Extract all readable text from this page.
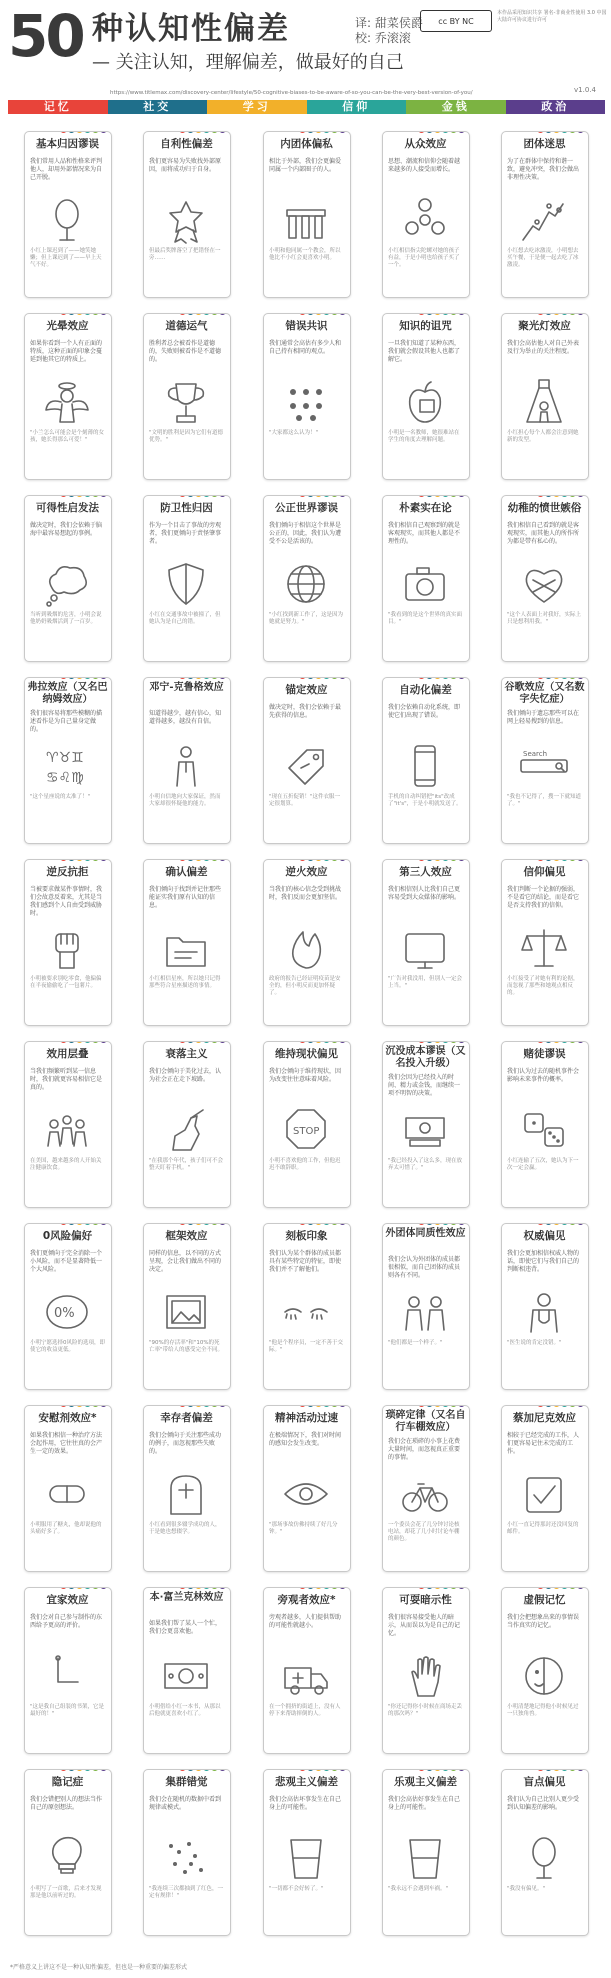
50 种认知性偏差
— 关注认知，理解偏差，做最好的自己
译: 甜菜侯爵
校: 乔滚滚
cc BY NC
本作品采用知识共享 署名-非商业性使用 3.0 中国大陆许可协议进行许可
https://www.titlemax.com/discovery-center/lifestyle/50-cognitive-biases-to-be-aware-of-so-you-can-be-the-very-best-version-of-you/	v1.0.4
记忆	社交	学习	信仰	金钱	政治
基本归因谬误
我们常用人品和性格来评判他人，却用外部情况来为自己开脱。
小红上课迟到了——她笑她懒；但上课迟到了——早上天气不好。
自利性偏差
我们更容易为失败找外部原因，而将成功归于自身。
但最后奖牌落空了把错怪在一旁……
内团体偏私
相比于外部，我们会更偏爱同属一个内部圈子的人。
小明和他同属一个教会，所以他比不小红会更喜欢小明。
从众效应
思想、潮流和信仰会随着越来越多的人接受而增长。
小红相信指尖陀螺对她的孩子有益，于是小明也给孩子买了一个。
团体迷思
为了在群体中保持和谐一致，避免冲突，我们会做出非理性决策。
小红想去吃冰激凌，小明想去买午餐，于是便一起去吃了冰激凌。
光晕效应
如果你看到一个人有正面的特质，这种正面的印象会蔓延到他其它的特质上。
"小兰怎么可能会是个刻薄的女孩，她长得那么可爱！"
道德运气
胜利者总会被看作是道德的，失败则被看作是不道德的。
"文明的胜利是因为它们有道德优势。"
错误共识
我们通常会高估有多少人和自己持有相同的观点。
"大家都这么认为！"
知识的诅咒
一旦我们知道了某种东西，我们就会假设其他人也都了解它。
小明是一名教师，她很难站在学生的角度去理解问题。
聚光灯效应
我们会高估他人对自己外表及行为举止的关注程度。
小红担心每个人都会注意到她新的发型。
可得性启发法
做决定时，我们会依赖于脑海中最容易想起的事例。
当听到吸烟的危害，小明会说他奶奶吸烟活到了一百岁。
防卫性归因
作为一个目击了事故的旁观者，我们更倾向于责怪肇事者。
小红在交通事故中被撞了，但她认为是自己的错。
公正世界谬误
我们倾向于相信这个世界是公正的，因此，我们认为遭受不公是活该的。
"小红找到新工作了，这是因为她就是努力。"
朴素实在论
我们相信自己观察到的就是客观现实，而其他人都是不理性的。
"我看到的是这个世界的真实面目。"
幼稚的愤世嫉俗
我们相信自己看到的就是客观现实，而其他人的所作所为都是带有私心的。
"这个人表面上对我好，实际上只是想利用我。"
弗拉效应（又名巴纳姆效应）
我们很容易将那些模糊的描述看作是为自己量身定做的。
♈♉♊
♋♌♍
"这个星座说的太准了！"
邓宁-克鲁格效应
知道得越少，越有信心，知道得越多，越没有自信。
小明自信地向大家保证，然而大家却很怀疑他的能力。
锚定效应
做决定时，我们会依赖于最先获得的信息。
"现在五折促销！"这件衣服一定很划算。
自动化偏差
我们会依赖自动化系统，即使它们出现了错误。
手机的自动纠错把"its"改成了"it's"，于是小明就发送了。
谷歌效应（又名数字失忆症）
我们倾向于遗忘那些可以在网上轻易搜到的信息。
Search
"我也不记得了，搜一下就知道了。"
逆反抗拒
当被要求做某件事情时，我们会故意反着来，尤其是当我们感到个人自由受到威胁时。
小明被要求别吃零食，他偏偏在半夜偷偷吃了一包薯片。
确认偏差
我们倾向于找到并记住那些能证实我们原有认知的信息。
小红相信星座，所以她只记得那些符合星座描述的事情。
逆火效应
当我们的核心信念受到挑战时，我们反而会更加坚信。
政府的报告已经证明疫苗是安全的，但小明反而更加怀疑了。
第三人效应
我们相信别人比我们自己更容易受到大众媒体的影响。
"广告对我没用，但别人一定会上当。"
信仰偏见
我们判断一个论据的强弱，不是看它的结论，而是看它是否支持我们的信仰。
小红接受了对她有利的论据，而忽视了那些和她观点相反的。
效用层叠
当我们频繁听到某一信息时，我们就更容易相信它是真的。
在美国，越来越多的人开始关注健康饮食。
衰落主义
我们会倾向于美化过去，认为社会正在走下坡路。
"在我那个年代，孩子们可不会整天盯着手机。"
维持现状偏见
我们会倾向于维持现状，因为改变往往意味着风险。
STOP
小明不喜欢他的工作，但他迟迟不敢辞职。
沉没成本谬误（又名投入升级）
我们会因为已经投入的时间、精力或金钱，而继续一项不明智的决策。
"我已经投入了这么多，现在放弃太可惜了。"
赌徒谬误
我们认为过去的随机事件会影响未来事件的概率。
小红连输了五次，她认为下一次一定会赢。
0风险偏好
我们更倾向于完全消除一个小风险，而不是显著降低一个大风险。
0%
小明宁愿选择0风险的选项，即使它的收益更低。
框架效应
同样的信息，以不同的方式呈现，会让我们做出不同的决定。
"90%的存活率"和"10%的死亡率"带给人的感受完全不同。
刻板印象
我们认为某个群体的成员都具有某些特定的特征，即使我们并不了解他们。
"他是个程序员，一定不善于交际。"
外团体同质性效应
我们会认为外团体的成员都很相似，而自己团体的成员则各有不同。
"他们都是一个样子。"
权威偏见
我们会更加相信权威人物的话，即使它们与我们自己的判断相违背。
"医生说的肯定没错。"
安慰剂效应*
如果我们相信一种治疗方法会起作用，它往往真的会产生一定的效果。
小明服用了糖丸，他却说他的头痛好多了。
幸存者偏差
我们会倾向于关注那些成功的例子，而忽视那些失败的。
小红看到很多辍学成功的人，于是她也想辍学。
精神活动过速
在极端情况下，我们对时间的感知会发生改变。
"那场事故仿佛持续了好几分钟。"
琐碎定律（又名自行车棚效应）
我们会在琐碎的小事上花费大量时间，而忽视真正重要的事情。
一个委员会花了几分钟讨论核电站，却花了几小时讨论车棚的颜色。
蔡加尼克效应
相较于已经完成的工作，人们更容易记住未完成的工作。
小红一直记得那封还没回复的邮件。
宜家效应
我们会对自己参与制作的东西给予更高的评价。
"这是我自己组装的书架，它是最好的！"
本·富兰克林效应
如果我们帮了某人一个忙，我们会更喜欢他。
小明借给小红一本书，从那以后他就更喜欢小红了。
旁观者效应*
旁观者越多，人们提供帮助的可能性就越小。
在一个拥挤的街道上，没有人停下来帮助摔倒的人。
可耍暗示性
我们很容易接受他人的暗示，从而误以为是自己的记忆。
"你还记得你小时候在商场走丢的那次吗？"
虚假记忆
我们会把想象出来的事情误当作真实的记忆。
小明清楚地记得他小时候见过一只独角兽。
隐记症
我们会错把别人的想法当作自己的原创想法。
小明写了一首歌，后来才发现那是他以前听过的。
集群错觉
我们会在随机的数据中看到规律或模式。
"我连续三次都抽到了红色，一定有规律！"
悲观主义偏差
我们会高估坏事发生在自己身上的可能性。
"一切都不会好转了。"
乐观主义偏差
我们会高估好事发生在自己身上的可能性。
"我永远不会遇到车祸。"
盲点偏见
我们认为自己比别人更少受到认知偏差的影响。
"我没有偏见。"
*严格意义上讲这不是一种认知性偏差，但也是一种重要的偏差形式
